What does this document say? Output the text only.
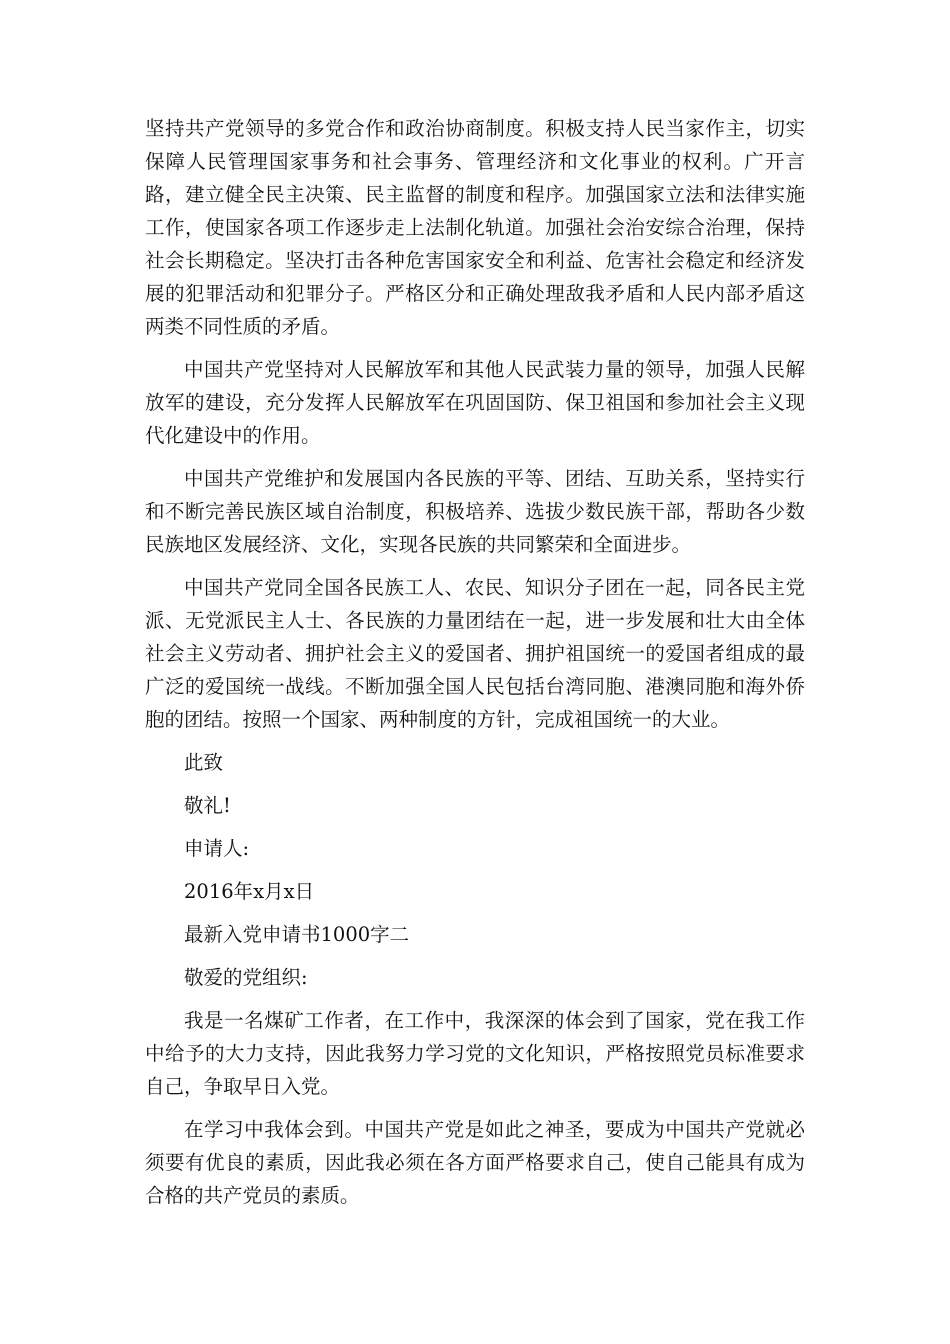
坚持共产党领导的多党合作和政治协商制度。积极支持人民当家作主，切实保障人民管理国家事务和社会事务、管理经济和文化事业的权利。广开言路，建立健全民主决策、民主监督的制度和程序。加强国家立法和法律实施工作，使国家各项工作逐步走上法制化轨道。加强社会治安综合治理，保持社会长期稳定。坚决打击各种危害国家安全和利益、危害社会稳定和经济发展的犯罪活动和犯罪分子。严格区分和正确处理敌我矛盾和人民内部矛盾这两类不同性质的矛盾。

中国共产党坚持对人民解放军和其他人民武装力量的领导，加强人民解放军的建设，充分发挥人民解放军在巩固国防、保卫祖国和参加社会主义现代化建设中的作用。

中国共产党维护和发展国内各民族的平等、团结、互助关系，坚持实行和不断完善民族区域自治制度，积极培养、选拔少数民族干部，帮助各少数民族地区发展经济、文化，实现各民族的共同繁荣和全面进步。

中国共产党同全国各民族工人、农民、知识分子团在一起，同各民主党派、无党派民主人士、各民族的力量团结在一起，进一步发展和壮大由全体社会主义劳动者、拥护社会主义的爱国者、拥护祖国统一的爱国者组成的最广泛的爱国统一战线。不断加强全国人民包括台湾同胞、港澳同胞和海外侨胞的团结。按照一个国家、两种制度的方针，完成祖国统一的大业。

此致

敬礼!

申请人:

2016年x月x日

最新入党申请书1000字二

敬爱的党组织:

我是一名煤矿工作者，在工作中，我深深的体会到了国家，党在我工作中给予的大力支持，因此我努力学习党的文化知识，严格按照党员标准要求自己，争取早日入党。

在学习中我体会到。中国共产党是如此之神圣，要成为中国共产党就必须要有优良的素质，因此我必须在各方面严格要求自己，使自己能具有成为合格的共产党员的素质。
